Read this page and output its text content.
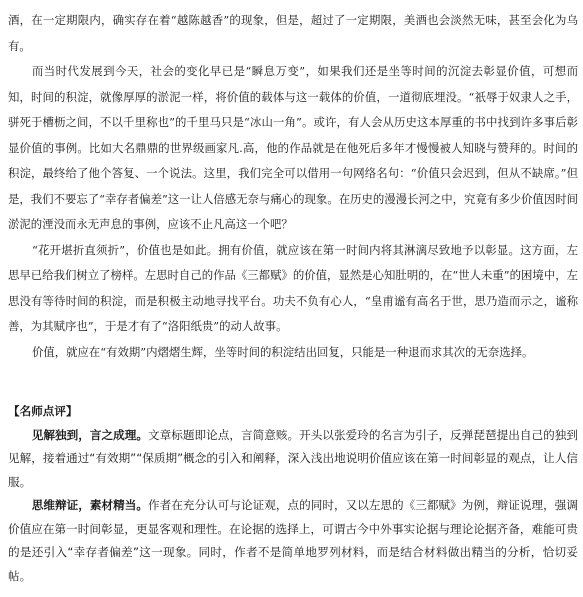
酒，在一定期限内，确实存在着“越陈越香”的现象，但是，超过了一定期限，美酒也会淡然无味，甚至会化为乌有。

而当时代发展到今天，社会的变化早已是“瞬息万变”，如果我们还是坐等时间的沉淀去彰显价值，可想而知，时间的积淀，就像厚厚的淤泥一样，将价值的载体与这一载体的价值，一道彻底埋没。“祇辱于奴隶人之手，骈死于槽枥之间，不以千里称也”的千里马只是“冰山一角”。或许，有人会从历史这本厚重的书中找到许多事后彰显价值的事例。比如大名鼎鼎的世界级画家凡.高，他的作品就是在他死后多年才慢慢被人知晓与赞拜的。时间的积淀，最终给了他个答复、一个说法。这里，我们完全可以借用一句网络名句：“价值只会迟到，但从不缺席。”但是，我们不要忘了“幸存者偏差”这一让人倍感无奈与痛心的现象。在历史的漫漫长河之中，究竟有多少价值因时间淤泥的湮没而永无声息的事例，应该不止凡高这一个吧？

“花开堪折直须折”，价值也是如此。拥有价值，就应该在第一时间内将其淋漓尽致地予以彰显。这方面，左思早已给我们树立了榜样。左思时自己的作品《三都赋》的价值，显然是心知肚明的，在“世人未重”的困境中，左思没有等待时间的积淀，而是积极主动地寻找平台。功夫不负有心人，“皇甫谧有高名于世，思乃造而示之，谧称善，为其赋序也”，于是才有了“洛阳纸贵”的动人故事。

价值，就应在“有效期”内熠熠生辉，坐等时间的积淀结出回复，只能是一种退而求其次的无奈选择。

【名师点评】

见解独到，言之成理。文章标题即论点，言简意赅。开头以张爱玲的名言为引子，反弹琵琶提出自己的独到见解，接着通过“有效期”“保质期”概念的引入和阐释，深入浅出地说明价值应该在第一时间彰显的观点，让人信服。

思维辩证，素材精当。作者在充分认可与论证观，点的同时，又以左思的《三都赋》为例，辩证说理，强调价值应在第一时间彰显，更显客观和理性。在论据的选择上，可谓古今中外事实论据与理论论据齐备，难能可贵的是还引入“幸存者偏差”这一现象。同时，作者不是简单地罗列材料，而是结合材料做出精当的分析，恰切妥帖。
